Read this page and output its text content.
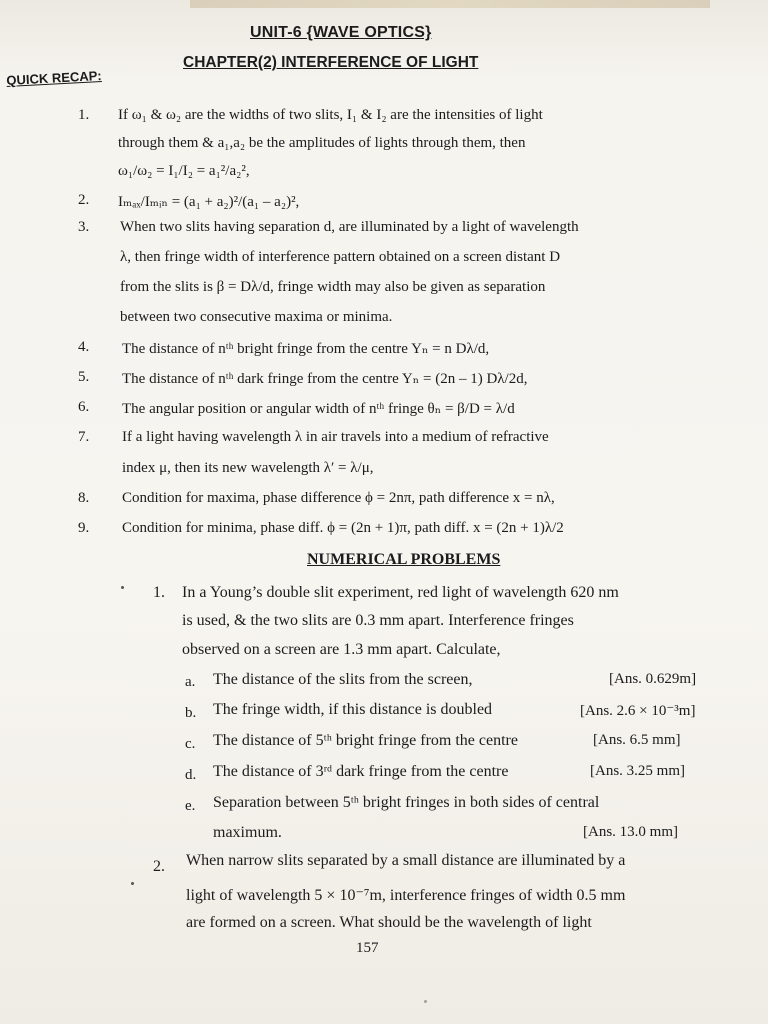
UNIT-6 {WAVE OPTICS}
CHAPTER(2) INTERFERENCE OF LIGHT
QUICK RECAP:
1. If ω₁ & ω₂ are the widths of two slits, I₁ & I₂ are the intensities of light
through them & a₁,a₂ be the amplitudes of lights through them, then
ω₁/ω₂ = I₁/I₂ = a₁²/a₂²,
2. Iₘₐₓ/Iₘᵢₙ = (a₁ + a₂)²/(a₁ – a₂)²,
3. When two slits having separation d, are illuminated by a light of wavelength
λ, then fringe width of interference pattern obtained on a screen distant D
from the slits is β = Dλ/d, fringe width may also be given as separation
between two consecutive maxima or minima.
4. The distance of nᵗʰ bright fringe from the centre Yₙ = n Dλ/d,
5. The distance of nᵗʰ dark fringe from the centre Yₙ = (2n – 1) Dλ/2d,
6. The angular position or angular width of nᵗʰ fringe θₙ = β/D = λ/d
7. If a light having wavelength λ in air travels into a medium of refractive
index μ, then its new wavelength λ′ = λ/μ,
8. Condition for maxima, phase difference ϕ = 2nπ, path difference x = nλ,
9. Condition for minima, phase diff. ϕ = (2n + 1)π, path diff. x = (2n + 1)λ/2
NUMERICAL PROBLEMS
1. In a Young’s double slit experiment, red light of wavelength 620 nm
is used, & the two slits are 0.3 mm apart. Interference fringes
observed on a screen are 1.3 mm apart. Calculate,
a. The distance of the slits from the screen,	[Ans. 0.629m]
b. The fringe width, if this distance is doubled	[Ans. 2.6 × 10⁻³m]
c. The distance of 5ᵗʰ bright fringe from the centre	[Ans. 6.5 mm]
d. The distance of 3ʳᵈ dark fringe from the centre	[Ans. 3.25 mm]
e. Separation between 5ᵗʰ bright fringes in both sides of central
maximum.	[Ans. 13.0 mm]
2. When narrow slits separated by a small distance are illuminated by a
light of wavelength 5 × 10⁻⁷m, interference fringes of width 0.5 mm
are formed on a screen. What should be the wavelength of light
157
